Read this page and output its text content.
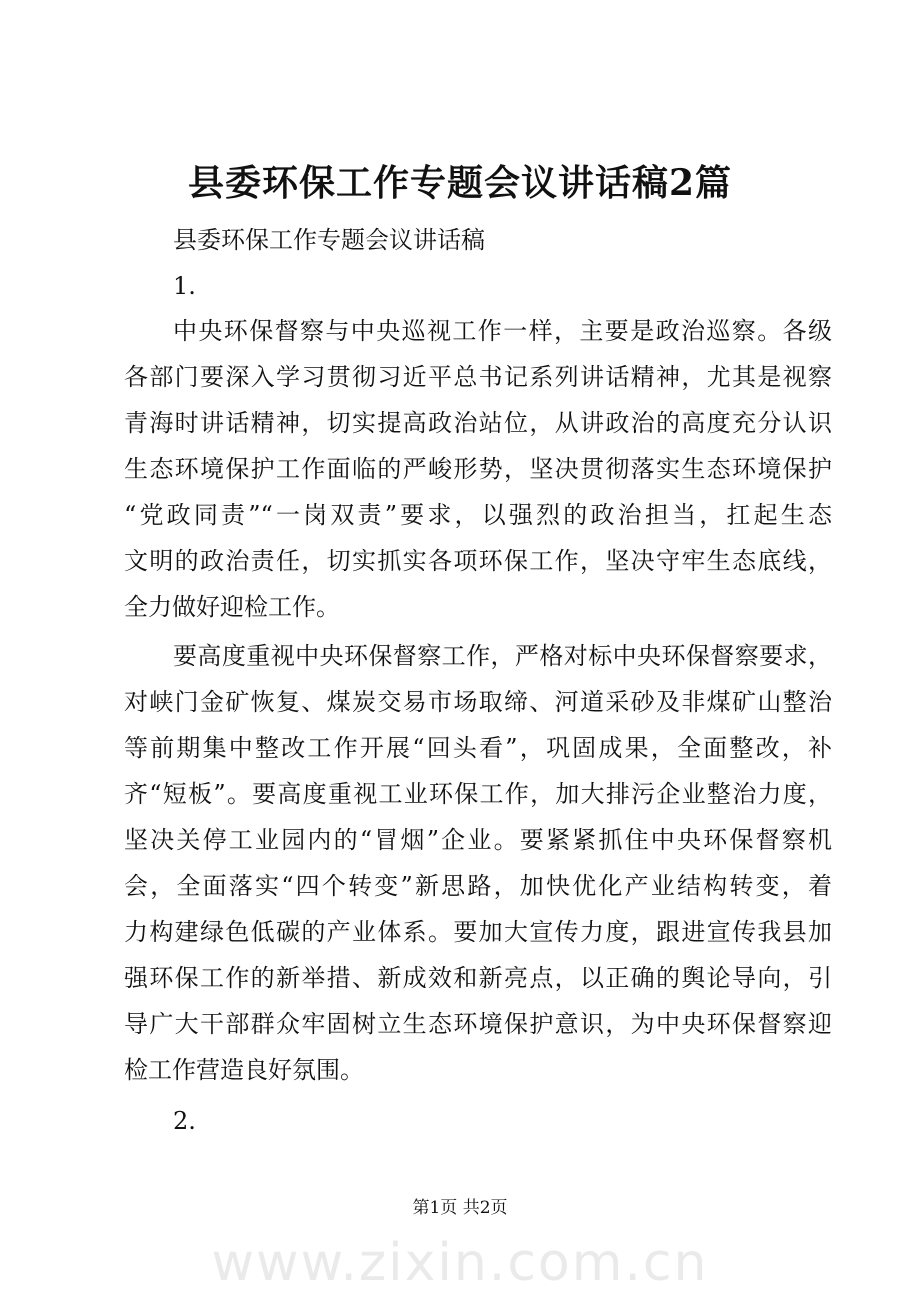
县委环保工作专题会议讲话稿2篇
县委环保工作专题会议讲话稿
1.
中央环保督察与中央巡视工作一样，主要是政治巡察。各级
各部门要深入学习贯彻习近平总书记系列讲话精神，尤其是视察
青海时讲话精神，切实提高政治站位，从讲政治的高度充分认识
生态环境保护工作面临的严峻形势，坚决贯彻落实生态环境保护
“党政同责”“一岗双责”要求，以强烈的政治担当，扛起生态
文明的政治责任，切实抓实各项环保工作，坚决守牢生态底线，
全力做好迎检工作。
要高度重视中央环保督察工作，严格对标中央环保督察要求，
对峡门金矿恢复、煤炭交易市场取缔、河道采砂及非煤矿山整治
等前期集中整改工作开展“回头看”，巩固成果，全面整改，补
齐“短板”。要高度重视工业环保工作，加大排污企业整治力度，
坚决关停工业园内的“冒烟”企业。要紧紧抓住中央环保督察机
会，全面落实“四个转变”新思路，加快优化产业结构转变，着
力构建绿色低碳的产业体系。要加大宣传力度，跟进宣传我县加
强环保工作的新举措、新成效和新亮点，以正确的舆论导向，引
导广大干部群众牢固树立生态环境保护意识，为中央环保督察迎
检工作营造良好氛围。
2.
第1页 共2页
www.zixin.com.cn
